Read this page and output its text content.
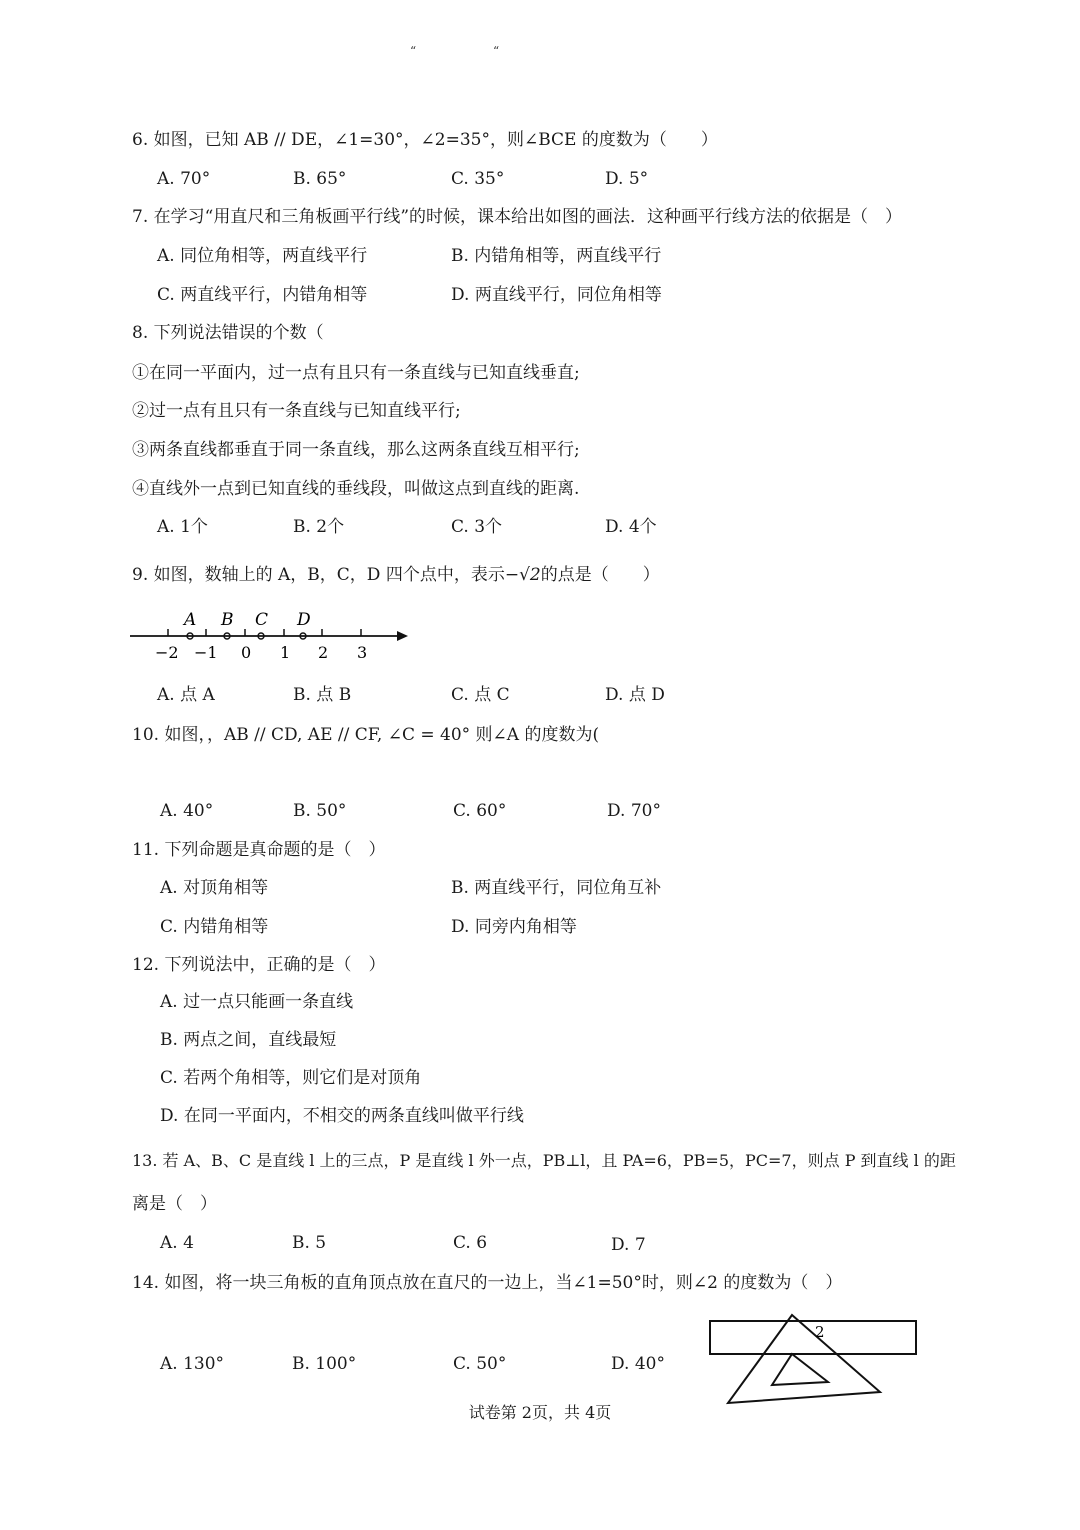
“	“
6. 如图，已知 AB // DE，∠1=30°，∠2=35°，则∠BCE 的度数为（　　）
A. 70°	B. 65°	C. 35°	D. 5°
7. 在学习“用直尺和三角板画平行线”的时候，课本给出如图的画法．这种画平行线方法的依据是（　）
A. 同位角相等，两直线平行	B. 内错角相等，两直线平行
C. 两直线平行，内错角相等	D. 两直线平行，同位角相等
8. 下列说法错误的个数（
①在同一平面内，过一点有且只有一条直线与已知直线垂直;
②过一点有且只有一条直线与已知直线平行;
③两条直线都垂直于同一条直线，那么这两条直线互相平行;
④直线外一点到已知直线的垂线段，叫做这点到直线的距离.
A. 1个	B. 2个	C. 3个	D. 4个
9. 如图，数轴上的 A，B，C，D 四个点中，表示−√2的点是（　　）
A B C D
−2 −1 0 1 2 3
A. 点 A	B. 点 B	C. 点 C	D. 点 D
10. 如图，，AB // CD, AE // CF, ∠C = 40° 则∠A 的度数为(
A. 40°	B. 50°	C. 60°	D. 70°
11. 下列命题是真命题的是（　）
A. 对顶角相等	B. 两直线平行，同位角互补
C. 内错角相等	D. 同旁内角相等
12. 下列说法中，正确的是（　）
A. 过一点只能画一条直线
B. 两点之间，直线最短
C. 若两个角相等，则它们是对顶角
D. 在同一平面内，不相交的两条直线叫做平行线
13. 若 A、B、C 是直线 l 上的三点，P 是直线 l 外一点，PB⊥l，且 PA=6，PB=5，PC=7，则点 P 到直线 l 的距
离是（　）
A. 4	B. 5	C. 6	D. 7
14. 如图，将一块三角板的直角顶点放在直尺的一边上，当∠1=50°时，则∠2 的度数为（　）
A. 130°	B. 100°	C. 50°	D. 40°
2
试卷第 2页，共 4页
